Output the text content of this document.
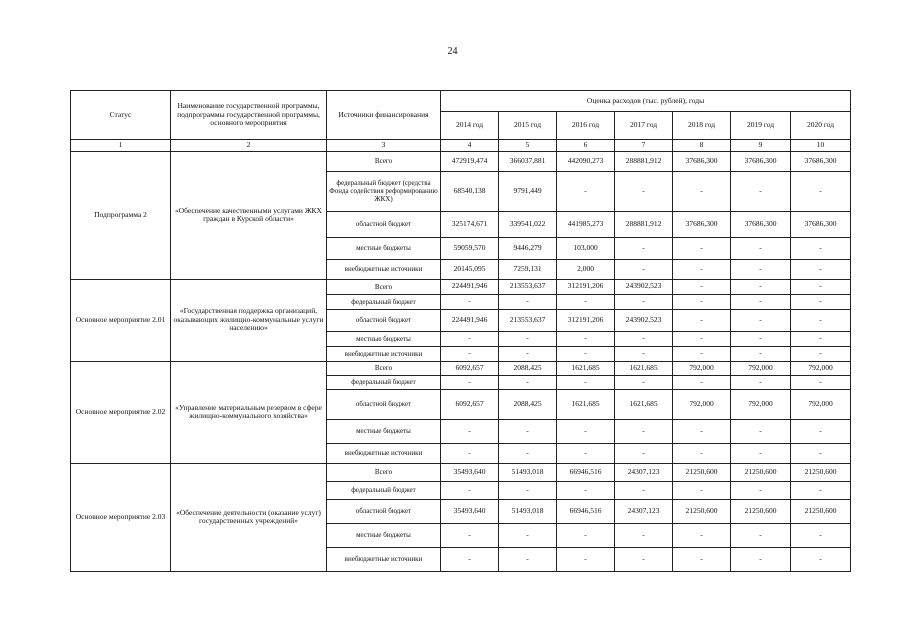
24
Статус	Наименование государственной программы, подпрограммы государственной программы, основного мероприятия	Источники финансирования	Оценка расходов (тыс. рублей), годы						
			2014 год	2015 год	2016 год	2017 год	2018 год	2019 год	2020 год
1	2	3	4	5	6	7	8	9	10
Подпрограмма 2	«Обеспечение качественными услугами ЖКХ граждан в Курской области»	Всего	472919,474	366037,881	442090,273	288881,912	37686,300	37686,300	37686,300
		федеральный бюджет (средства Фонда содействия реформированию ЖКХ)	68540,138	9791,449	-	-	-	-	-
		областной бюджет	325174,671	339541,022	441985,273	288881,912	37686,300	37686,300	37686,300
		местные бюджеты	59059,570	9446,279	103,000	-	-	-	-
		внебюджетные источники	20145,095	7259,131	2,000	-	-	-	-
Основное мероприятие 2.01	«Государственная поддержка организаций, оказывающих жилищно-коммунальные услуги населению»	Всего	224491,946	213553,637	312191,206	243902,523	-	-	-
		федеральный бюджет	-	-	-	-	-	-	-
		областной бюджет	224491,946	213553,637	312191,206	243902,523	-	-	-
		местные бюджеты	-	-	-	-	-	-	-
		внебюджетные источники	-	-	-	-	-	-	-
Основное мероприятие 2.02	«Управление материальным резервом в сфере жилищно-коммунального хозяйства»	Всего	6092,657	2088,425	1621,685	1621,685	792,000	792,000	792,000
		федеральный бюджет	-	-	-	-	-	-	-
		областной бюджет	6092,657	2088,425	1621,685	1621,685	792,000	792,000	792,000
		местные бюджеты	-	-	-	-	-	-	-
		внебюджетные источники	-	-	-	-	-	-	-
Основное мероприятие 2.03	«Обеспечение деятельности (оказание услуг) государственных учреждений»	Всего	35493,640	51493,018	66946,516	24307,123	21250,600	21250,600	21250,600
		федеральный бюджет	-	-	-	-	-	-	-
		областной бюджет	35493,640	51493,018	66946,516	24307,123	21250,600	21250,600	21250,600
		местные бюджеты	-	-	-	-	-	-	-
		внебюджетные источники	-	-	-	-	-	-	-
